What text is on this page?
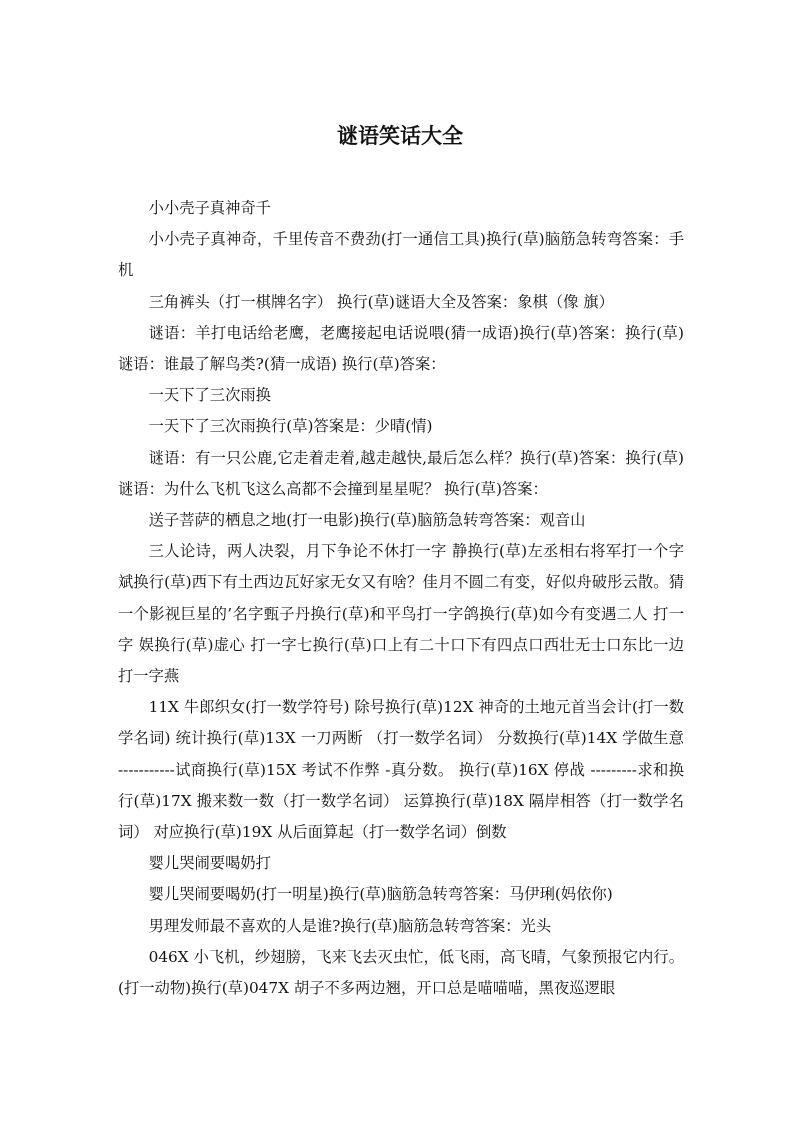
谜语笑话大全

小小壳子真神奇千

小小壳子真神奇，千里传音不费劲(打一通信工具)换行(草)脑筋急转弯答案：手机

三角裤头（打一棋牌名字） 换行(草)谜语大全及答案：象棋（像 旗）

谜语：羊打电话给老鹰，老鹰接起电话说喂(猜一成语)换行(草)答案：换行(草)谜语：谁最了解鸟类?(猜一成语) 换行(草)答案：

一天下了三次雨换

一天下了三次雨换行(草)答案是：少晴(情)

谜语：有一只公鹿,它走着走着,越走越快,最后怎么样？换行(草)答案：换行(草)谜语：为什么飞机飞这么高都不会撞到星星呢？ 换行(草)答案：

送子菩萨的栖息之地(打一电影)换行(草)脑筋急转弯答案：观音山

三人论诗，两人决裂，月下争论不休打一字 静换行(草)左丞相右将军打一个字斌换行(草)西下有土西边瓦好家无女又有啥？佳月不圆二有变，好似舟破彤云散。猜一个影视巨星的’名字甄子丹换行(草)和平鸟打一字鸽换行(草)如今有变遇二人 打一字 娱换行(草)虚心 打一字七换行(草)口上有二十口下有四点口西壮无士口东比一边打一字燕

11X 牛郎织女(打一数学符号) 除号换行(草)12X 神奇的土地元首当会计(打一数学名词) 统计换行(草)13X 一刀两断 （打一数学名词） 分数换行(草)14X 学做生意 -----------试商换行(草)15X 考试不作弊 -真分数。 换行(草)16X 停战 ---------求和换行(草)17X 搬来数一数（打一数学名词） 运算换行(草)18X 隔岸相答（打一数学名词） 对应换行(草)19X 从后面算起（打一数学名词）倒数

婴儿哭闹要喝奶打

婴儿哭闹要喝奶(打一明星)换行(草)脑筋急转弯答案：马伊琍(妈依你)

男理发师最不喜欢的人是谁?换行(草)脑筋急转弯答案：光头

046X 小飞机，纱翅膀，飞来飞去灭虫忙，低飞雨，高飞晴，气象预报它内行。(打一动物)换行(草)047X 胡子不多两边翘，开口总是喵喵喵，黑夜巡逻眼
